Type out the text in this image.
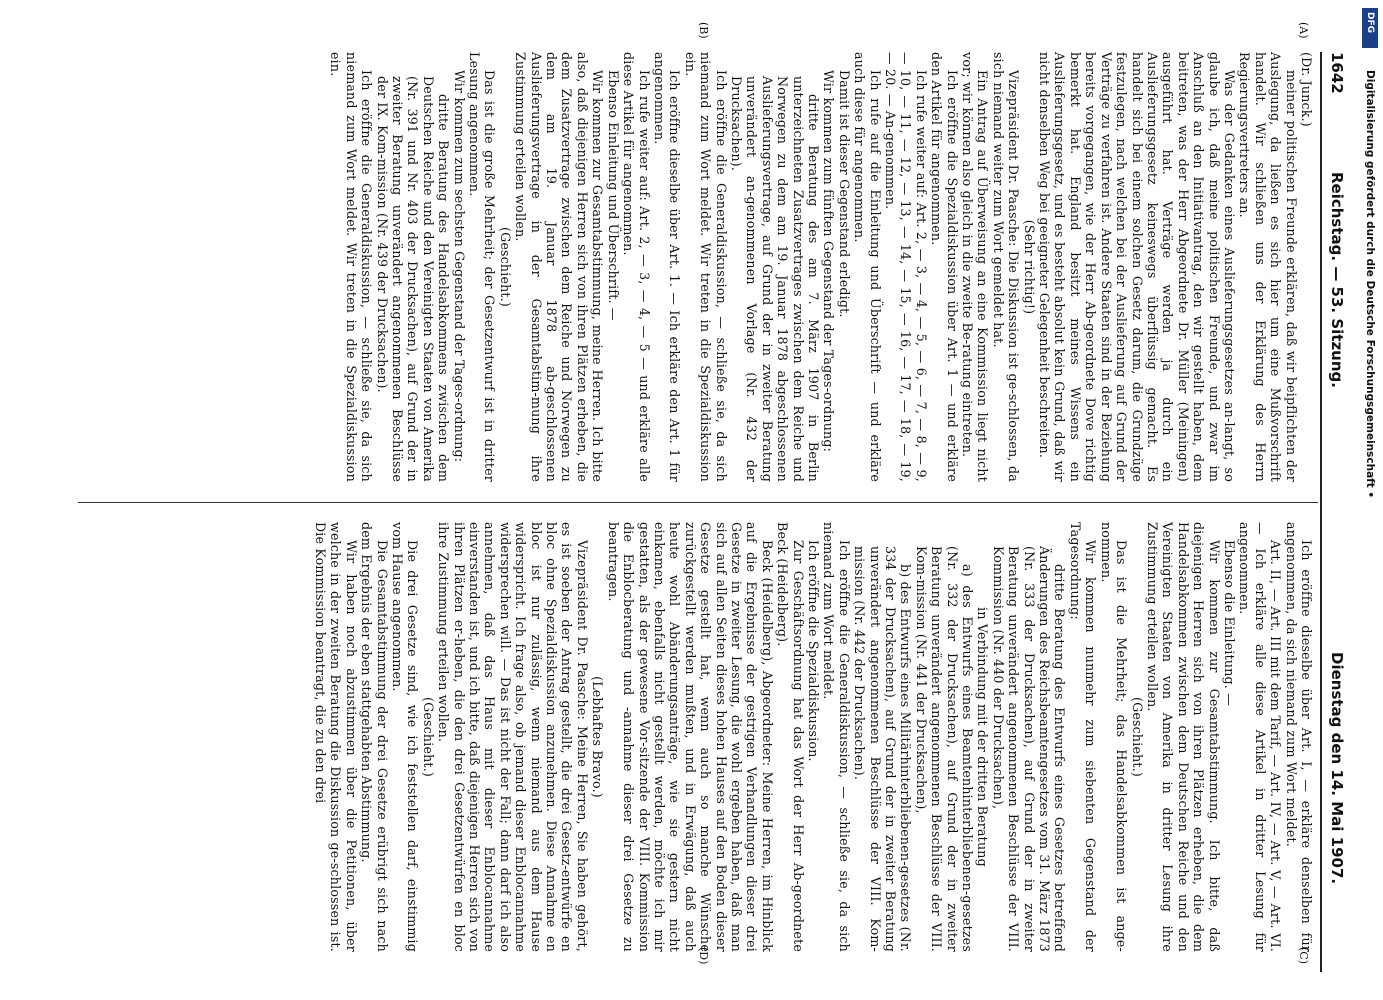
1642
Reichstag. — 53. Sitzung.
Dienstag den 14. Mai 1907.

(Dr. Junck.)

meiner politischen Freunde erklären, daß wir beipflichten der Auslegung, da ließen es sich hier um eine Mußvorschrift handelt. Wir schließen uns der Erklärung des Herrn Regierungsvertreters an.

Was der Gedanken eines Auslieferungsgesetzes an-langt, so glaube ich, daß meine politischen Freunde, und zwar im Anschluß an den Initiativantrag, den wir gestellt haben, dem beitreten, was der Herr Abgeordnete Dr. Müller (Meiningen) ausgeführt hat. Verträge werden ja durch ein Auslieferungsgesetz keineswegs überflüssig gemacht. Es handelt sich bei einem solchen Gesetz darum, die Grundzüge festzulegen, nach welchen bei der Auslieferung auf Grund der Verträge zu verfahren ist. Andere Staaten sind in der Beziehung bereits vorgegangen, wie der Herr Ab-geordnete Dove richtig bemerkt hat. England besitzt meines Wissens ein Auslieferungsgesetz, und es besteht absolut kein Grund, daß wir nicht denselben Weg bei geeigneter Gelegenheit beschreiten.

(Sehr richtig!)

Vizepräsident Dr. Paasche: Die Diskussion ist ge-schlossen, da sich niemand weiter zum Wort gemeldet hat.

Ein Antrag auf Überweisung an eine Kommission liegt nicht vor; wir können also gleich in die zweite Be-ratung eintreten.

Ich eröffne die Spezialdiskussion über Art. 1 — und erkläre den Artikel für angenommen.

Ich rufe weiter auf: Art. 2, — 3, — 4, — 5, — 6, — 7, — 8, — 9, — 10, — 11, — 12, — 13, — 14, — 15, — 16, — 17, — 18, — 19, — 20. — An-genommen.

Ich rufe auf die Einleitung und Überschrift — und erkläre auch diese für angenommen.

Damit ist dieser Gegenstand erledigt.

Wir kommen zum fünften Gegenstand der Tages-ordnung:

dritte Beratung des am 7. März 1907 in Berlin unterzeichneten Zusatzvertrages zwischen dem Reiche und Norwegen zu dem am 19. Januar 1878 abgeschlossenen Auslieferungsvertrage, auf Grund der in zweiter Beratung unverändert an-genommenen Vorlage (Nr. 432 der Drucksachen).

Ich eröffne die Generaldiskussion, — schließe sie, da sich niemand zum Wort meldet. Wir treten in die Spezialdiskussion ein.

Ich eröffne dieselbe über Art. 1. — Ich erkläre den Art. 1 für angenommen.

Ich rufe weiter auf: Art. 2, — 3, — 4, — 5 — und erkläre alle diese Artikel für angenommen.

Ebenso Einleitung und Überschrift. —

Wir kommen zur Gesamtabstimmung, meine Herren. Ich bitte also, daß diejenigen Herren sich von ihren Plätzen erheben, die dem Zusatzvertrage zwischen dem Reiche und Norwegen zu dem am 19. Januar 1878 ab-geschlossenen Auslieferungsvertrage in der Gesamtabstim-mung ihre Zustimmung erteilen wollen.

(Geschieht.)

Das ist die große Mehrheit; der Gesetzentwurf ist in dritter Lesung angenommen.

Wir kommen zum sechsten Gegenstand der Tages-ordnung:

dritte Beratung des Handelsabkommens zwischen dem Deutschen Reiche und den Vereinigten Staaten von Amerika (Nr. 391 und Nr. 403 der Drucksachen), auf Grund der in zweiter Beratung unverändert angenommenen Beschlüsse der IX. Kom-mission (Nr. 439 der Drucksachen).

Ich eröffne die Generaldiskussion, — schließe sie, da sich niemand zum Wort meldet. Wir treten in die Spezialdiskussion ein.

Ich eröffne dieselbe über Art. I, — erkläre denselben für angenommen, da sich niemand zum Wort meldet.

Art. II, — Art. III mit dem Tarif, — Art. IV, — Art. V, — Art. VI. — Ich erkläre alle diese Artikel in dritter Lesung für angenommen.

Ebenso die Einleitung. —

Wir kommen zur Gesamtabstimmung. Ich bitte, daß diejenigen Herren sich von ihren Plätzen erheben, die dem Handelsabkommen zwischen dem Deutschen Reiche und den Vereinigten Staaten von Amerika in dritter Lesung ihre Zustimmung erteilen wollen.

(Geschieht.)

Das ist die Mehrheit; das Handelsabkommen ist ange-nommen.

Wir kommen nunmehr zum siebenten Gegenstand der Tagesordnung:

dritte Beratung des Entwurfs eines Gesetzes betreffend Änderungen des Reichsbeamtengesetzes vom 31. März 1873 (Nr. 333 der Drucksachen), auf Grund der in zweiter Beratung unverändert angenommenen Beschlüsse der VIII. Kommission (Nr. 440 der Drucksachen),

in Verbindung mit der dritten Beratung

a) des Entwurfs eines Beamtenhinterbliebenen-gesetzes (Nr. 332 der Drucksachen), auf Grund der in zweiter Beratung unverändert angenommenen Beschlüsse der VIII. Kom-mission (Nr. 441 der Drucksachen),

b) des Entwurfs eines Militärhinterbliebenen-gesetzes (Nr. 334 der Drucksachen), auf Grund der in zweiter Beratung unverändert angenommenen Beschlüsse der VIII. Kom-mission (Nr. 442 der Drucksachen).

Ich eröffne die Generaldiskussion, — schließe sie, da sich niemand zum Wort meldet.

Ich eröffne die Spezialdiskussion.

Zur Geschäftsordnung hat das Wort der Herr Ab-geordnete Beck (Heidelberg).

Beck (Heidelberg), Abgeordneter: Meine Herren, im Hinblick auf die Ergebnisse der gestrigen Verhandlungen dieser drei Gesetze in zweiter Lesung, die wohl ergeben haben, daß man sich auf allen Seiten dieses hohen Hauses auf den Boden dieser Gesetze gestellt hat, wenn auch so manche Wünsche zurückgestellt werden mußten, und in Erwägung, daß auch heute wohl Abänderungsanträge, wie sie gestern nicht einkamen, ebenfalls nicht gestellt werden, möchte ich mir gestatten, als der gewesene Vor-sitzende der VIII. Kommission die Enblocberatung und -annahme dieser drei Gesetze zu beantragen.

(Lebhaftes Bravo.)

Vizepräsident Dr. Paasche: Meine Herren, Sie haben gehört, es ist soeben der Antrag gestellt, die drei Gesetz-entwürfe en bloc ohne Spezialdiskussion anzunehmen. Diese Annahme en bloc ist nur zulässig, wenn niemand aus dem Hause widerspricht. Ich frage also, ob jemand dieser Enblocannahme widersprechen will. — Das ist nicht der Fall; dann darf ich also annehmen, daß das Haus mit dieser Enblocannahme einverstanden ist, und ich bitte, daß diejenigen Herren sich von ihren Plätzen er-heben, die den drei Gesetzentwürfen en bloc ihre Zustimmung erteilen wollen.

(Geschieht.)

Die drei Gesetze sind, wie ich feststellen darf, einstimmig vom Hause angenommen.

Die Gesamtabstimmung der drei Gesetze erübrigt sich nach dem Ergebnis der eben stattgehabten Abstimmung.

Wir haben noch abzustimmen über die Petitionen, über welche in der zweiten Beratung die Diskussion ge-schlossen ist. Die Kommission beantragt, die zu den drei

(A)
(B)
(C)
(D)
DFG
Digitalisierung gefördert durch die Deutsche Forschungsgemeinschaft •
